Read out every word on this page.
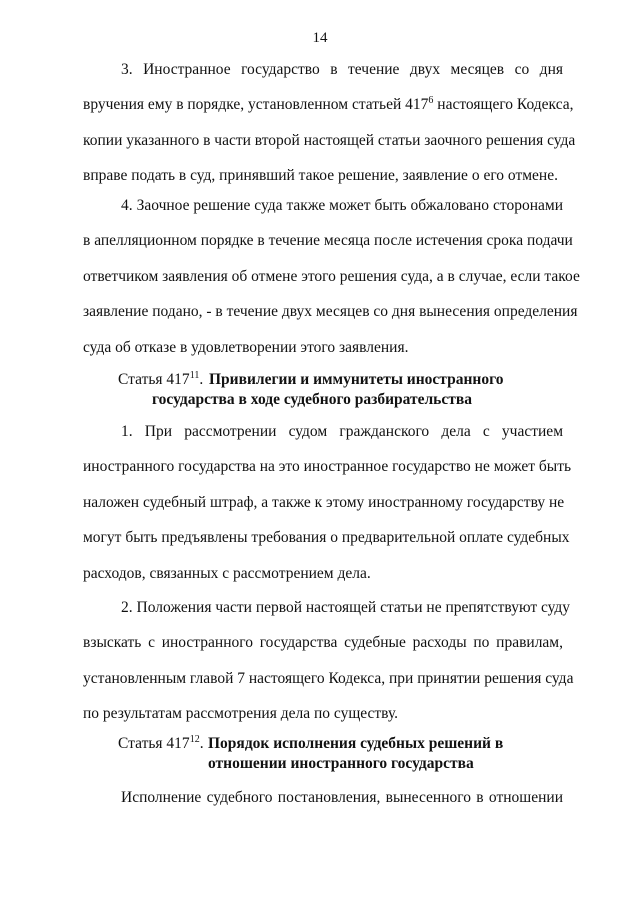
14
3. Иностранное государство в течение двух месяцев со дня
вручения ему в порядке, установленном статьей $417^6$ настоящего Кодекса,
копии указанного в части второй настоящей статьи заочного решения суда
вправе подать в суд, принявший такое решение, заявление о его отмене.
4. Заочное решение суда также может быть обжаловано сторонами
в апелляционном порядке в течение месяца после истечения срока подачи
ответчиком заявления об отмене этого решения суда, а в случае, если такое
заявление подано, - в течение двух месяцев со дня вынесения определения
суда об отказе в удовлетворении этого заявления.
Статья $417^{11}$. Привилегии и иммунитеты иностранного
государства в ходе судебного разбирательства
1. При рассмотрении судом гражданского дела с участием
иностранного государства на это иностранное государство не может быть
наложен судебный штраф, а также к этому иностранному государству не
могут быть предъявлены требования о предварительной оплате судебных
расходов, связанных с рассмотрением дела.
2. Положения части первой настоящей статьи не препятствуют суду
взыскать с иностранного государства судебные расходы по правилам,
установленным главой 7 настоящего Кодекса, при принятии решения суда
по результатам рассмотрения дела по существу.
Статья $417^{12}$. Порядок исполнения судебных решений в
отношении иностранного государства
Исполнение судебного постановления, вынесенного в отношении
